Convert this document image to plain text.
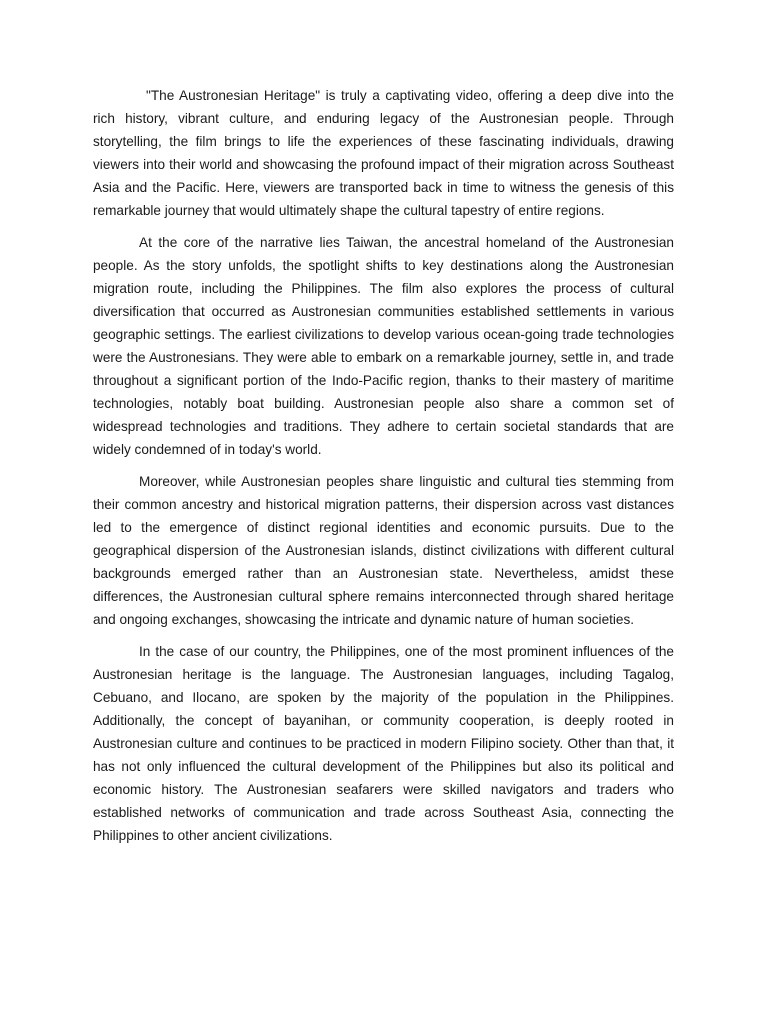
"The Austronesian Heritage" is truly a captivating video, offering a deep dive into the rich history, vibrant culture, and enduring legacy of the Austronesian people. Through storytelling, the film brings to life the experiences of these fascinating individuals, drawing viewers into their world and showcasing the profound impact of their migration across Southeast Asia and the Pacific. Here, viewers are transported back in time to witness the genesis of this remarkable journey that would ultimately shape the cultural tapestry of entire regions.

At the core of the narrative lies Taiwan, the ancestral homeland of the Austronesian people. As the story unfolds, the spotlight shifts to key destinations along the Austronesian migration route, including the Philippines. The film also explores the process of cultural diversification that occurred as Austronesian communities established settlements in various geographic settings. The earliest civilizations to develop various ocean-going trade technologies were the Austronesians. They were able to embark on a remarkable journey, settle in, and trade throughout a significant portion of the Indo-Pacific region, thanks to their mastery of maritime technologies, notably boat building. Austronesian people also share a common set of widespread technologies and traditions. They adhere to certain societal standards that are widely condemned of in today's world.

Moreover, while Austronesian peoples share linguistic and cultural ties stemming from their common ancestry and historical migration patterns, their dispersion across vast distances led to the emergence of distinct regional identities and economic pursuits. Due to the geographical dispersion of the Austronesian islands, distinct civilizations with different cultural backgrounds emerged rather than an Austronesian state. Nevertheless, amidst these differences, the Austronesian cultural sphere remains interconnected through shared heritage and ongoing exchanges, showcasing the intricate and dynamic nature of human societies.

In the case of our country, the Philippines, one of the most prominent influences of the Austronesian heritage is the language. The Austronesian languages, including Tagalog, Cebuano, and Ilocano, are spoken by the majority of the population in the Philippines. Additionally, the concept of bayanihan, or community cooperation, is deeply rooted in Austronesian culture and continues to be practiced in modern Filipino society. Other than that, it has not only influenced the cultural development of the Philippines but also its political and economic history. The Austronesian seafarers were skilled navigators and traders who established networks of communication and trade across Southeast Asia, connecting the Philippines to other ancient civilizations.
